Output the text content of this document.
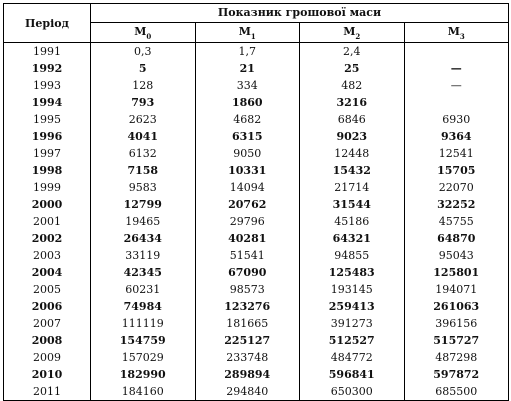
Період	Показник грошової маси			
	$M_0$	$M_1$	$M_2$	$M_3$
1991	0,3	1,7	2,4	
1992	5	21	25	—
1993	128	334	482	—
1994	793	1860	3216	
1995	2623	4682	6846	6930
1996	4041	6315	9023	9364
1997	6132	9050	12448	12541
1998	7158	10331	15432	15705
1999	9583	14094	21714	22070
2000	12799	20762	31544	32252
2001	19465	29796	45186	45755
2002	26434	40281	64321	64870
2003	33119	51541	94855	95043
2004	42345	67090	125483	125801
2005	60231	98573	193145	194071
2006	74984	123276	259413	261063
2007	111119	181665	391273	396156
2008	154759	225127	512527	515727
2009	157029	233748	484772	487298
2010	182990	289894	596841	597872
2011	184160	294840	650300	685500
